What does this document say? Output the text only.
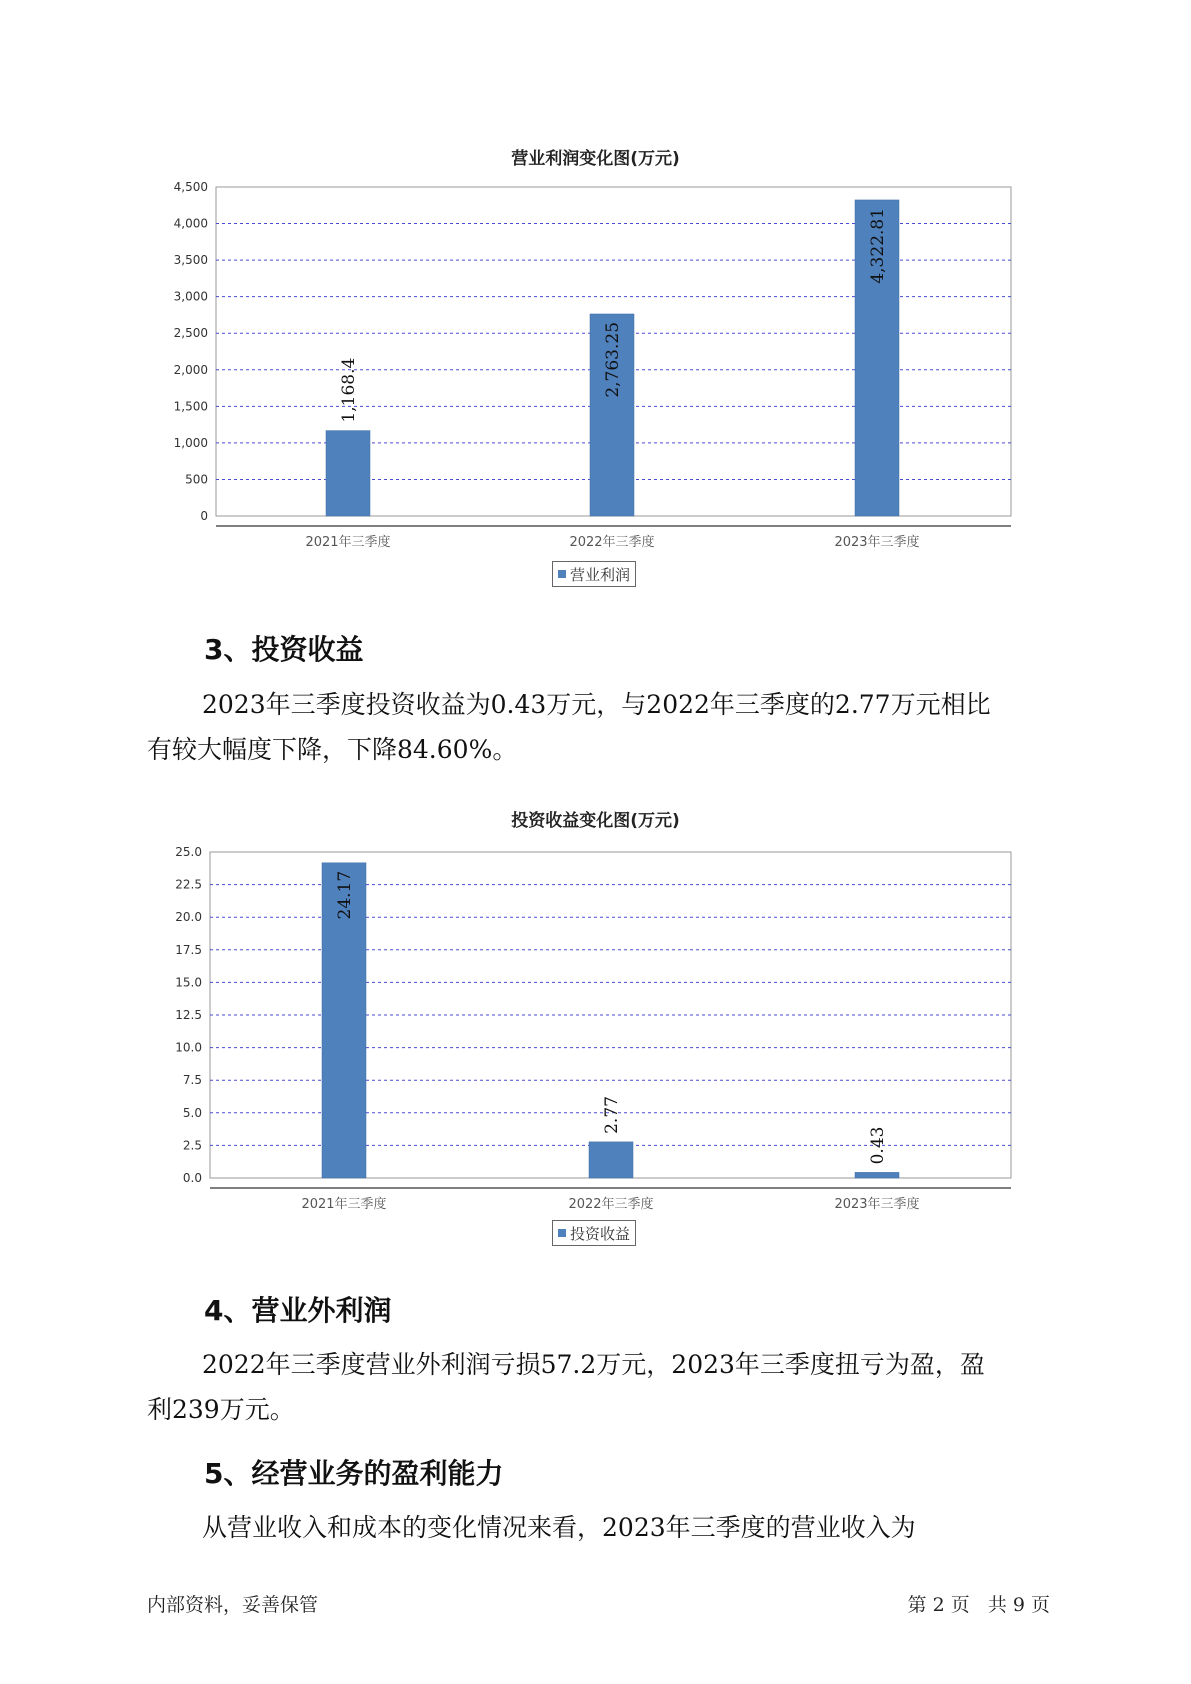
营业利润变化图(万元)
0
500
1,000
1,500
2,000
2,500
3,000
3,500
4,000
4,500
1,168.4
2021年三季度
2,763.25
2022年三季度
4,322.81
2023年三季度
营业利润
3、投资收益
2023年三季度投资收益为0.43万元，与2022年三季度的2.77万元相比
有较大幅度下降，下降84.60%。
投资收益变化图(万元)
0.0
2.5
5.0
7.5
10.0
12.5
15.0
17.5
20.0
22.5
25.0
24.17
2021年三季度
2.77
2022年三季度
0.43
2023年三季度
投资收益
4、营业外利润
2022年三季度营业外利润亏损57.2万元，2023年三季度扭亏为盈，盈
利239万元。
5、经营业务的盈利能力
从营业收入和成本的变化情况来看，2023年三季度的营业收入为
内部资料，妥善保管	第 2 页   共 9 页
